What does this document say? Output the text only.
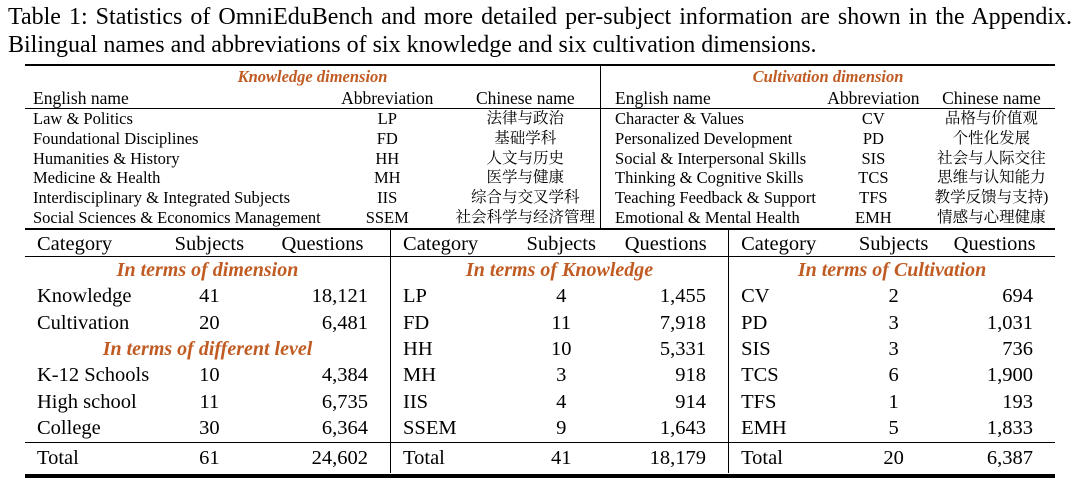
Table 1: Statistics of OmniEduBench and more detailed per-subject information are shown in the Appendix. Bilingual names and abbreviations of six knowledge and six cultivation dimensions.
Knowledge dimension
English name	Abbreviation	Chinese name
Law & Politics	LP	法律与政治
Foundational Disciplines	FD	基础学科
Humanities & History	HH	人文与历史
Medicine & Health	MH	医学与健康
Interdisciplinary & Integrated Subjects	IIS	综合与交叉学科
Social Sciences & Economics Management	SSEM	社会科学与经济管理
Cultivation dimension
English name	Abbreviation	Chinese name
Character & Values	CV	品格与价值观
Personalized Development	PD	个性化发展
Social & Interpersonal Skills	SIS	社会与人际交往
Thinking & Cognitive Skills	TCS	思维与认知能力
Teaching Feedback & Support	TFS	教学反馈与支持)
Emotional & Mental Health	EMH	情感与心理健康
Category	Subjects	Questions	Category	Subjects	Questions	Category	Subjects	Questions
In terms of dimension
Knowledge	41	18,121
Cultivation	20	6,481
In terms of different level
K-12 Schools	10	4,384
High school	11	6,735
College	30	6,364
In terms of Knowledge
LP	4	1,455
FD	11	7,918
HH	10	5,331
MH	3	918
IIS	4	914
SSEM	9	1,643
In terms of Cultivation
CV	2	694
PD	3	1,031
SIS	3	736
TCS	6	1,900
TFS	1	193
EMH	5	1,833
Total	61	24,602	Total	41	18,179	Total	20	6,387
